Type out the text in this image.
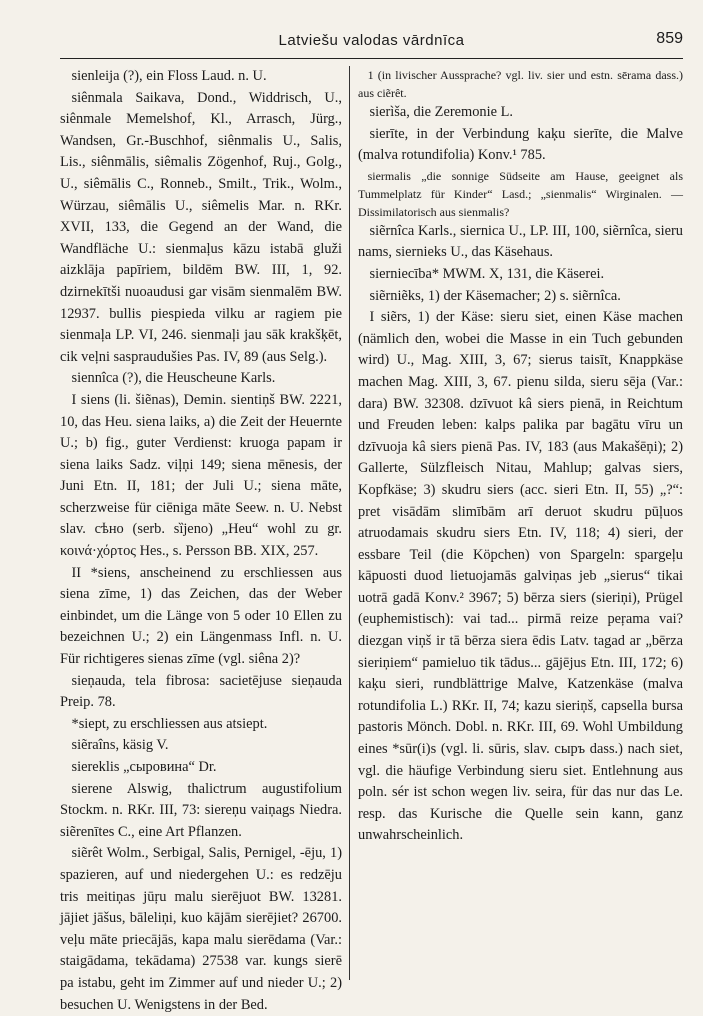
Latviešu valodas vārdnīca	859

sienleija (?), ein Floss Laud. n. U.

siênmala Saikava, Dond., Widdrisch, U., siênmale Memelshof, Kl., Arrasch, Jürg., Wandsen, Gr.-Buschhof, siênmalis U., Salis, Lis., siênmālis, siêmalis Zögenhof, Ruj., Golg., U., siêmālis C., Ronneb., Smilt., Trik., Wolm., Würzau, siêmālis U., siêmelis Mar. n. RKr. XVII, 133, die Gegend an der Wand, die Wandfläche U.: sienmaļus kāzu istabā gluži aizklāja papīriem, bildēm BW. III, 1, 92. dzirnekītši nuoaudusi gar visām sienmalēm BW. 12937. bullis piespieda vilku ar ragiem pie sienmaļa LP. VI, 246. sienmaļi jau sāk krakšķēt, cik veļni saspraudušies Pas. IV, 89 (aus Selg.).

siennîca (?), die Heuscheune Karls.

I siens (li. šiẽnas), Demin. sientiņš BW. 2221, 10, das Heu. siena laiks, a) die Zeit der Heuernte U.; b) fig., guter Verdienst: kruoga papam ir siena laiks Sadz. viļņi 149; siena mēnesis, der Juni Etn. II, 181; der Juli U.; siena māte, scherzweise für ciēniga māte Seew. n. U. Nebst slav. сѣно (serb. sȉjeno) „Heu“ wohl zu gr. κοινά·χόρτος Hes., s. Persson BB. XIX, 257.

II *siens, anscheinend zu erschliessen aus siena zīme, 1) das Zeichen, das der Weber einbindet, um die Länge von 5 oder 10 Ellen zu bezeichnen U.; 2) ein Längenmass Infl. n. U. Für richtigeres sienas zīme (vgl. siêna 2)?

sieņauda, tela fibrosa: sacietējuse sieņauda Preip. 78.

*siept, zu erschliessen aus atsiept.

siẽraîns, käsig V.

siereklis „сыровина“ Dr.

sierene Alswig, thalictrum augustifolium Stockm. n. RKr. III, 73: siereņu vaiņags Niedra. siẽrenītes C., eine Art Pflanzen.

siẽrêt Wolm., Serbigal, Salis, Pernigel, -ēju, 1) spazieren, auf und niedergehen U.: es redzēju tris meitiņas jūŗu malu sierējuot BW. 13281. jājiet jāšus, bāleliņi, kuo kājām sierējiet? 26700. veļu māte priecājās, kapa malu sierēdama (Var.: staigādama, tekādama) 27538 var. kungs sierē pa istabu, geht im Zimmer auf und nieder U.; 2) besuchen U. Wenigstens in der Bed.

1 (in livischer Aussprache? vgl. liv. sier und estn. sērama dass.) aus ciẽrêt.

sierìša, die Zeremonie L.

sierīte, in der Verbindung kaķu sierīte, die Malve (malva rotundifolia) Konv.¹ 785.

siermalis „die sonnige Südseite am Hause, geeignet als Tummelplatz für Kinder“ Lasd.; „sienmalis“ Wirginalen. — Dissimilatorisch aus sienmalis?

siẽrnîca Karls., siernica U., LP. III, 100, siẽrnîca, sieru nams, siernieks U., das Käsehaus.

sierniecība* MWM. X, 131, die Käserei.

siẽrniẽks, 1) der Käsemacher; 2) s. siẽrnîca.

I siẽrs, 1) der Käse: sieru siet, einen Käse machen (nämlich den, wobei die Masse in ein Tuch gebunden wird) U., Mag. XIII, 3, 67; sierus taisīt, Knappkäse machen Mag. XIII, 3, 67. pienu silda, sieru sēja (Var.: dara) BW. 32308. dzīvuot kâ siers pienā, in Reichtum und Freuden leben: kalps palika par bagātu vīru un dzīvuoja kâ siers pienā Pas. IV, 183 (aus Makašēņi); 2) Gallerte, Sülzfleisch Nitau, Mahlup; galvas siers, Kopfkäse; 3) skudru siers (acc. sieri Etn. II, 55) „?“: pret visādām slimībām arī deruot skudru pūļuos atruodamais skudru siers Etn. IV, 118; 4) sieri, der essbare Teil (die Köpchen) von Spargeln: spargeļu kāpuosti duod lietuojamās galviņas jeb „sierus“ tikai uotrā gadā Konv.² 3967; 5) bērza siers (sieriņi), Prügel (euphemistisch): vai tad... pirmā reize peŗama vai? diezgan viņš ir tā bērza siera ēdis Latv. tagad ar „bērza sieriņiem“ pamieluo tik tādus... gājējus Etn. III, 172; 6) kaķu sieri, rundblättrige Malve, Katzenkäse (malva rotundifolia L.) RKr. II, 74; kazu sieriņš, capsella bursa pastoris Mönch. Dobl. n. RKr. III, 69. Wohl Umbildung eines *sūr(i)s (vgl. li. sūris, slav. сыръ dass.) nach siet, vgl. die häufige Verbindung sieru siet. Entlehnung aus poln. sér ist schon wegen liv. seira, für das nur das Le. resp. das Kurische die Quelle sein kann, ganz unwahrscheinlich.
